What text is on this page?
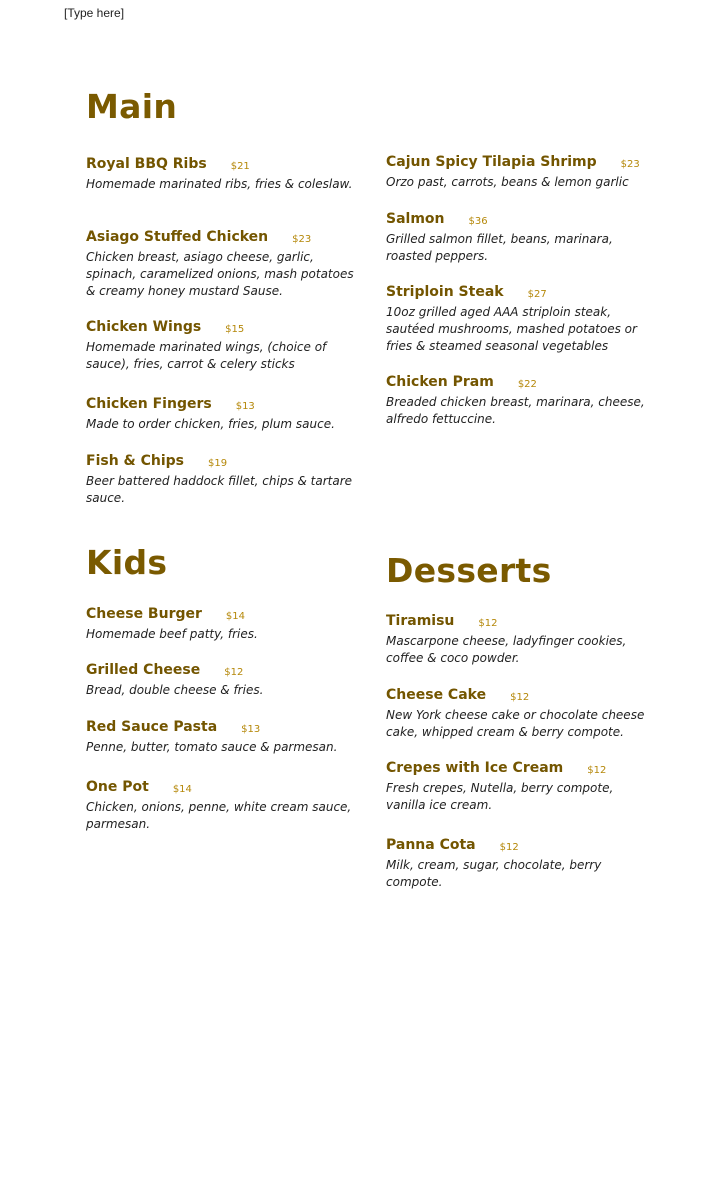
[Type here]
Main
Royal BBQ Ribs $21
Homemade marinated ribs, fries & coleslaw.
Asiago Stuffed Chicken $23
Chicken breast, asiago cheese, garlic, spinach, caramelized onions, mash potatoes & creamy honey mustard Sause.
Chicken Wings $15
Homemade marinated wings, (choice of sauce), fries, carrot & celery sticks
Chicken Fingers $13
Made to order chicken, fries, plum sauce.
Fish & Chips $19
Beer battered haddock fillet, chips & tartare sauce.
Cajun Spicy Tilapia Shrimp $23
Orzo past, carrots, beans & lemon garlic
Salmon $36
Grilled salmon fillet, beans, marinara, roasted peppers.
Striploin Steak $27
10oz grilled aged AAA striploin steak, sautéed mushrooms, mashed potatoes or fries & steamed seasonal vegetables
Chicken Pram $22
Breaded chicken breast, marinara, cheese, alfredo fettuccine.
Kids
Cheese Burger $14
Homemade beef patty, fries.
Grilled Cheese $12
Bread, double cheese & fries.
Red Sauce Pasta $13
Penne, butter, tomato sauce & parmesan.
One Pot $14
Chicken, onions, penne, white cream sauce, parmesan.
Desserts
Tiramisu $12
Mascarpone cheese, ladyfinger cookies, coffee & coco powder.
Cheese Cake $12
New York cheese cake or chocolate cheese cake, whipped cream & berry compote.
Crepes with Ice Cream $12
Fresh crepes, Nutella, berry compote, vanilla ice cream.
Panna Cota $12
Milk, cream, sugar, chocolate, berry compote.
